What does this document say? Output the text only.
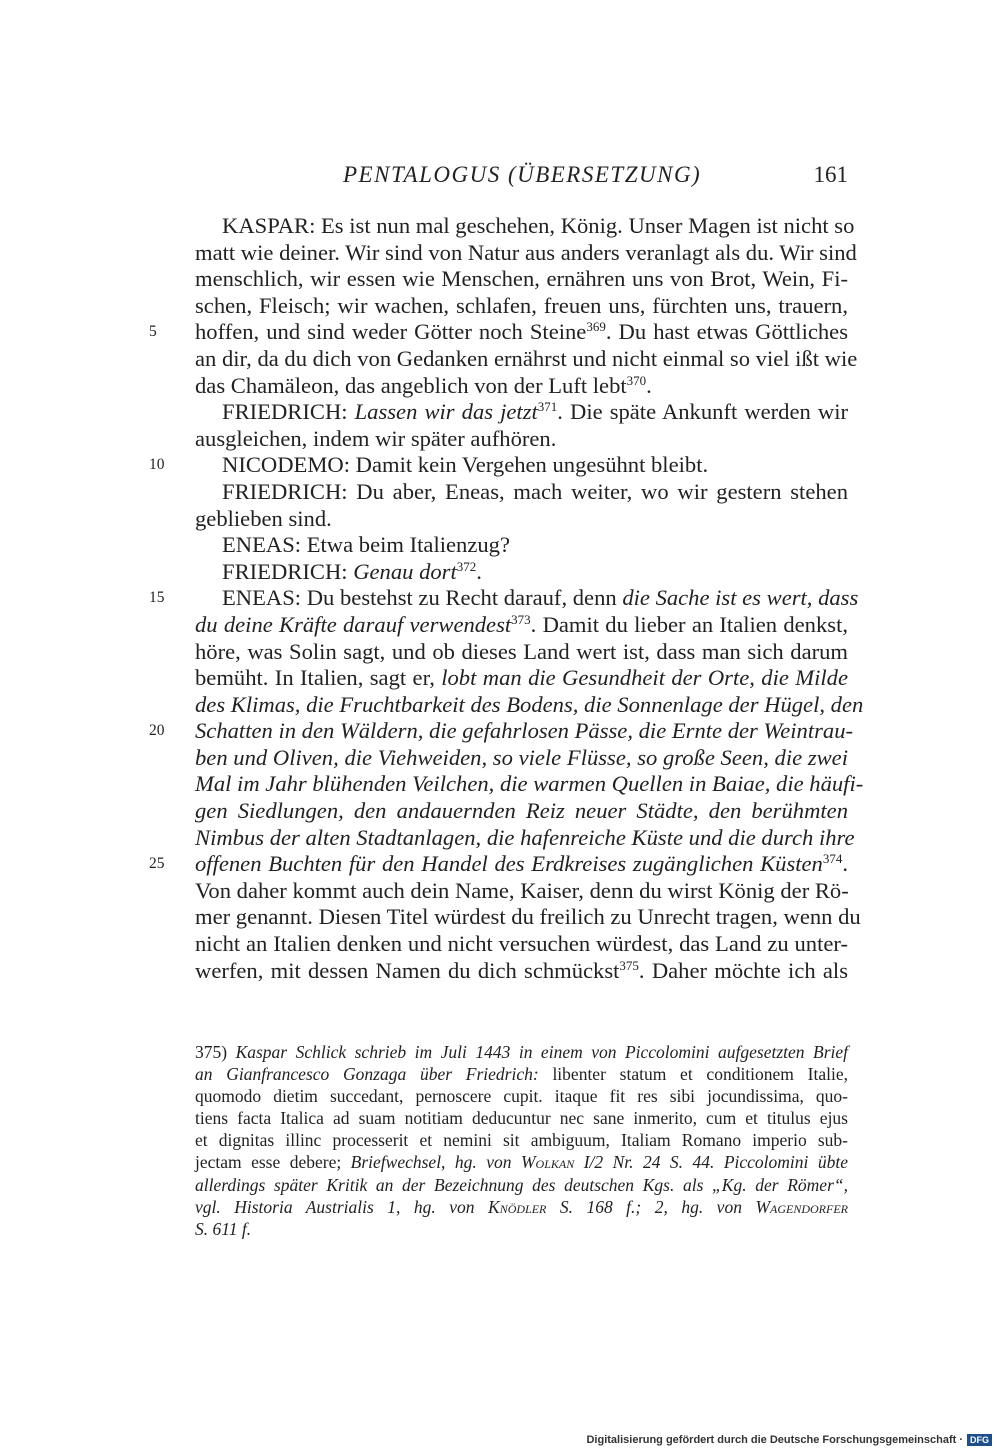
PENTALOGUS (ÜBERSETZUNG)	161
KASPAR: Es ist nun mal geschehen, König. Unser Magen ist nicht so
matt wie deiner. Wir sind von Natur aus anders veranlagt als du. Wir sind
menschlich, wir essen wie Menschen, ernähren uns von Brot, Wein, Fi-
schen, Fleisch; wir wachen, schlafen, freuen uns, fürchten uns, trauern,
5 hoffen, und sind weder Götter noch Steine$^{369}$. Du hast etwas Göttliches
an dir, da du dich von Gedanken ernährst und nicht einmal so viel ißt wie
das Chamäleon, das angeblich von der Luft lebt$^{370}$.
FRIEDRICH: Lassen wir das jetzt$^{371}$. Die späte Ankunft werden wir
ausgleichen, indem wir später aufhören.
10	NICODEMO: Damit kein Vergehen ungesühnt bleibt.
FRIEDRICH: Du aber, Eneas, mach weiter, wo wir gestern stehen
geblieben sind.
ENEAS: Etwa beim Italienzug?
FRIEDRICH: Genau dort$^{372}$.
15	ENEAS: Du bestehst zu Recht darauf, denn die Sache ist es wert, dass
du deine Kräfte darauf verwendest$^{373}$. Damit du lieber an Italien denkst,
höre, was Solin sagt, und ob dieses Land wert ist, dass man sich darum
bemüht. In Italien, sagt er, lobt man die Gesundheit der Orte, die Milde
des Klimas, die Fruchtbarkeit des Bodens, die Sonnenlage der Hügel, den
20 Schatten in den Wäldern, die gefahrlosen Pässe, die Ernte der Weintrau-
ben und Oliven, die Viehweiden, so viele Flüsse, so große Seen, die zwei
Mal im Jahr blühenden Veilchen, die warmen Quellen in Baiae, die häufi-
gen Siedlungen, den andauernden Reiz neuer Städte, den berühmten
Nimbus der alten Stadtanlagen, die hafenreiche Küste und die durch ihre
25 offenen Buchten für den Handel des Erdkreises zugänglichen Küsten$^{374}$.
Von daher kommt auch dein Name, Kaiser, denn du wirst König der Rö-
mer genannt. Diesen Titel würdest du freilich zu Unrecht tragen, wenn du
nicht an Italien denken und nicht versuchen würdest, das Land zu unter-
werfen, mit dessen Namen du dich schmückst$^{375}$. Daher möchte ich als
375) Kaspar Schlick schrieb im Juli 1443 in einem von Piccolomini aufgesetzten Brief
an Gianfrancesco Gonzaga über Friedrich: libenter statum et conditionem Italie,
quomodo dietim succedant, pernoscere cupit. itaque fit res sibi jocundissima, quo-
tiens facta Italica ad suam notitiam deducuntur nec sane inmerito, cum et titulus ejus
et dignitas illinc processerit et nemini sit ambiguum, Italiam Romano imperio sub-
jectam esse debere; Briefwechsel, hg. von Wolkan I/2 Nr. 24 S. 44. Piccolomini übte
allerdings später Kritik an der Bezeichnung des deutschen Kgs. als „Kg. der Römer“,
vgl. Historia Austrialis 1, hg. von Knödler S. 168 f.; 2, hg. von Wagendorfer
S. 611 f.
Digitalisierung gefördert durch die Deutsche Forschungsgemeinschaft · DFG
